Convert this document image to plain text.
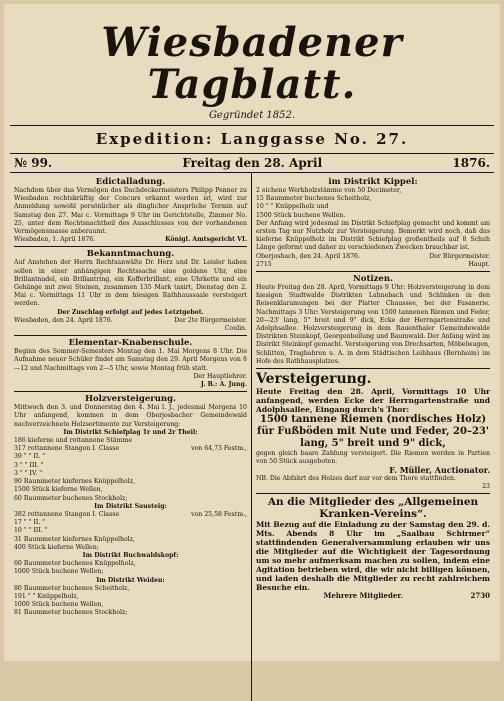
Wiesbadener Tagblatt.
Gegründet 1852.
Expedition: Langgasse No. 27.
№ 99.	Freitag den 28. April	1876.
Edictalladung.

Nachdem über das Vermögen des Dachdeckermeisters Philipp Penner zu Wiesbaden rechtskräftig der Concurs erkannt worden ist, wird zur Anmeldung sowohl persönlicher als dinglicher Ansprüche Termin auf Samstag den 27. Mai c. Vormittags 9 Uhr im Gerichtstelle, Zimmer No. 25, unter dem Rechtsnachtheil des Ausschlusses von der vorhandenen Vermögensmasse anberaumt.

Wiesbaden, 1. April 1876.	Königl. Amtsgericht VI.
Bekanntmachung.

Auf Anstehen der Herrn Rechtsanwälte Dr. Herz und Dr. Leisler haben sollen in einer anhängigen Rechtssache eine goldene Uhr, eine Brillantnadel, ein Brillantring, ein Kofferbrillant, eine Uhrkette und ein Gehänge mit zwei Steinen, zusammen 135 Mark taxirt, Dienstag den 2. Mai c. Vormittags 11 Uhr in dem hiesigen Rathhaussaale versteigert werden.

Der Zuschlag erfolgt auf jedes Letztgebot.
Wiesbaden, den 24. April 1876.	Der 2te Bürgermeister.
Coulin.
Elementar-Knabenschule.

Beginn des Sommer-Semesters Montag den 1. Mai Morgens 8 Uhr. Die Aufnahme neuer Schüler findet am Samstag den 29. April Morgens von 8—12 und Nachmittags von 2—5 Uhr, sowie Montag früh statt.

Der Hauptlehrer.
J. B.: A. Jung.
Holzversteigerung.

Mittwoch den 3. und Donnerstag den 4. Mai l. J., jedesmal Morgens 10 Uhr anfangend, kommen in dem Oberjosbacher Gemeindewald nachverzeichnete Holzsortimente zur Versteigerung:

Im Distrikt Schiefplag 1r und 2r Theil:
186 kieferne und rottannene Stämme
317 rottannene Stangen I. Classe	von 64,73 Festm.,
39 " " II. "
3 " " III. "
3 " " IV. "
90 Raummeter kiefernes Knüppelholz,
1500 Stück kieferne Wellen,
60 Raummeter buchenes Stockholz;
Im Distrikt Sausteig:
382 rottannene Stangen I. Classe	von 25,58 Festm.,
17 " " II. "
10 " " III. "
31 Raummeter kiefernes Knüppelholz,
400 Stück kieferne Wellen;
Im Distrikt Buchwaldskopf:
60 Raummeter buchenes Knüppelholz,
1000 Stück buchene Wellen;
Im Distrikt Weiden:
80 Raummeter buchenes Scheitholz,
191 " " Knüppelholz,
1000 Stück buchene Wellen,
81 Raummeter buchenes Stockholz;
im Distrikt Kippel:
2 eichene Werkholzstämme von 50 Decimeter,
15 Raummeter buchenes Scheitholz,
10 " " Knüppelholz und
1500 Stück buchene Wellen.

Der Anfang wird jedesmal im Distrikt Schiefplag gemacht und kommt am ersten Tag nur Nutzholz zur Versteigerung. Bemerkt wird noch, daß das kieferne Knüppelholz im Distrikt Schiefplag großentheils auf 8 Schuh Länge geformt und daher zu verschiedenen Zwecken brauchbar ist.

Oberjosbach, den 24. April 1876.	Der Bürgermeister.
2715	Haupt.
Notizen.

Heute Freitag den 28. April, Vormittags 9 Uhr: Holzversteigerung in dem hiesigen Stadtwalde Distrikten Lahnebach und Schlinken in den Reisenklaramungen bei der Platter Chaussee, bei der Fasanerie. Nachmittags 3 Uhr: Versteigerung von 1500 tannenen Riemen und Feder, 20—23' lang, 5" breit und 9" dick, Ecke der Herrngartenstraße und Adolphsallee. Holzversteigerung in dem Rauenthaler Gemeindewalde Distrikten Steinkopf, Georgenbellung und Baumwald. Der Anfang wird im Distrikt Steinkopf gemacht. Versteigerung von Drechsarten, Möbelwagen, Schlitten, Tragbahren u. A. in dem Städtischen Leihhaus (Bernheim) im Hofe des Rathhausplatzes.

Versteigerung.

Heute Freitag den 28. April, Vormittags 10 Uhr anfangend, werden Ecke der Herrngartenstraße und Adolphsallee, Eingang durch's Thor:

1500 tannene Riemen (nordisches Holz) für Fußböden mit Nute und Feder, 20–23' lang, 5" breit und 9" dick,

gegen gleich baare Zahlung versteigert. Die Riemen werden in Partien von 50 Stück ausgeboten.

F. Müller, Auctionator.

NB. Die Abfahrt des Holzes darf nur vor dem Thore stattfinden.

23
An die Mitglieder des „Allgemeinen Kranken-Vereins“.

Mit Bezug auf die Einladung zu der Samstag den 29. d. Mts. Abends 8 Uhr im „Saalbau Schirmer“ stattfindenden Generalversammlung erlauben wir uns die Mitglieder auf die Wichtigkeit der Tagesordnung um so mehr aufmerksam machen zu sollen, indem eine Agitation betrieben wird, die wir nicht billigen können, und laden deshalb die Mitglieder zu recht zahlreichem Besuche ein.

Mehrere Mitglieder.	2730
